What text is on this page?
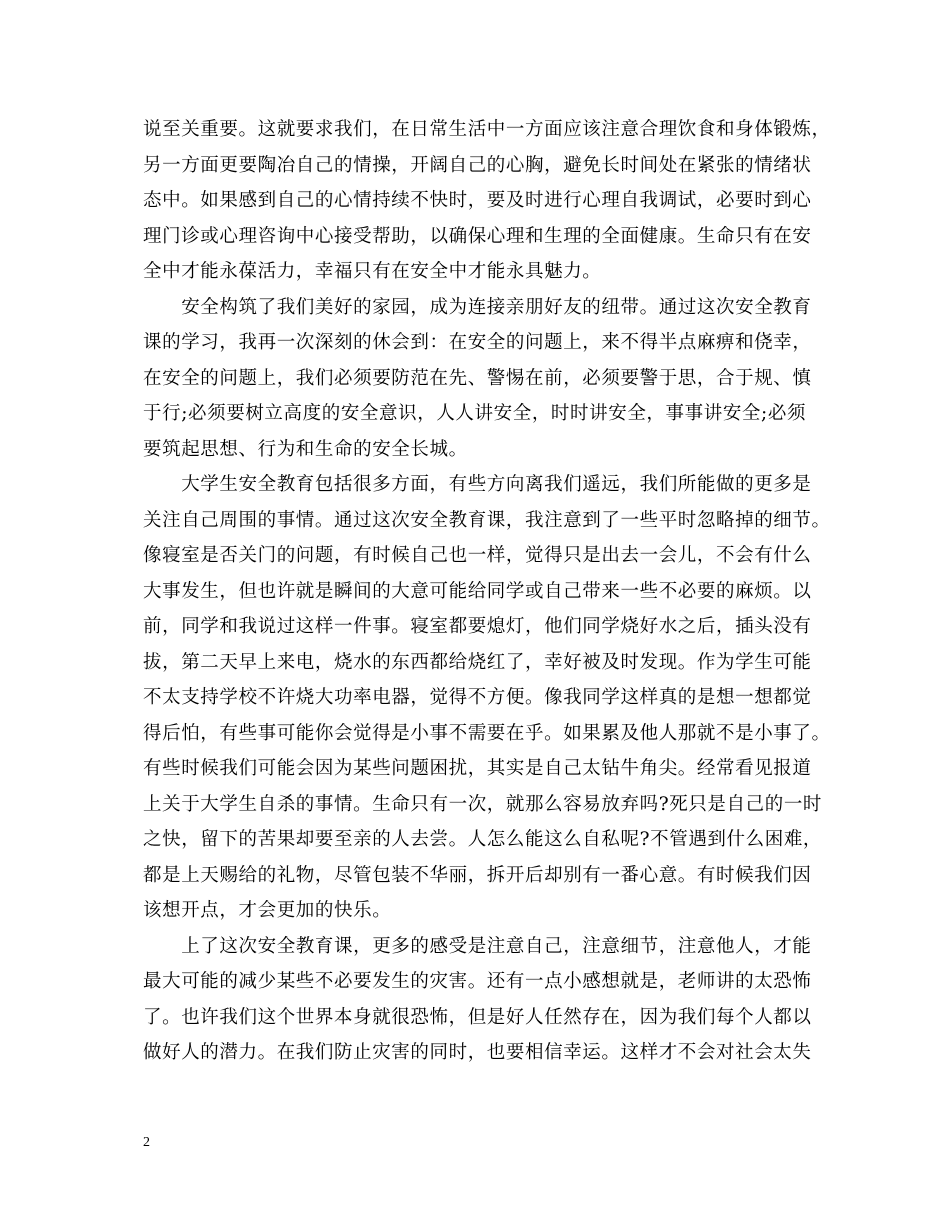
说至关重要。这就要求我们，在日常生活中一方面应该注意合理饮食和身体锻炼，
另一方面更要陶冶自己的情操，开阔自己的心胸，避免长时间处在紧张的情绪状
态中。如果感到自己的心情持续不快时，要及时进行心理自我调试，必要时到心
理门诊或心理咨询中心接受帮助，以确保心理和生理的全面健康。生命只有在安
全中才能永葆活力，幸福只有在安全中才能永具魅力。
　　安全构筑了我们美好的家园，成为连接亲朋好友的纽带。通过这次安全教育
课的学习，我再一次深刻的休会到：在安全的问题上，来不得半点麻痹和侥幸，
在安全的问题上，我们必须要防范在先、警惕在前，必须要警于思，合于规、慎
于行;必须要树立高度的安全意识，人人讲安全，时时讲安全，事事讲安全;必须
要筑起思想、行为和生命的安全长城。
　　大学生安全教育包括很多方面，有些方向离我们遥远，我们所能做的更多是
关注自己周围的事情。通过这次安全教育课，我注意到了一些平时忽略掉的细节。
像寝室是否关门的问题，有时候自己也一样，觉得只是出去一会儿，不会有什么
大事发生，但也许就是瞬间的大意可能给同学或自己带来一些不必要的麻烦。以
前，同学和我说过这样一件事。寝室都要熄灯，他们同学烧好水之后，插头没有
拔，第二天早上来电，烧水的东西都给烧红了，幸好被及时发现。作为学生可能
不太支持学校不许烧大功率电器，觉得不方便。像我同学这样真的是想一想都觉
得后怕，有些事可能你会觉得是小事不需要在乎。如果累及他人那就不是小事了。
有些时候我们可能会因为某些问题困扰，其实是自己太钻牛角尖。经常看见报道
上关于大学生自杀的事情。生命只有一次，就那么容易放弃吗?死只是自己的一时
之快，留下的苦果却要至亲的人去尝。人怎么能这么自私呢?不管遇到什么困难，
都是上天赐给的礼物，尽管包装不华丽，拆开后却别有一番心意。有时候我们因
该想开点，才会更加的快乐。
　　上了这次安全教育课，更多的感受是注意自己，注意细节，注意他人，才能
最大可能的减少某些不必要发生的灾害。还有一点小感想就是，老师讲的太恐怖
了。也许我们这个世界本身就很恐怖，但是好人任然存在，因为我们每个人都以
做好人的潜力。在我们防止灾害的同时，也要相信幸运。这样才不会对社会太失
2
